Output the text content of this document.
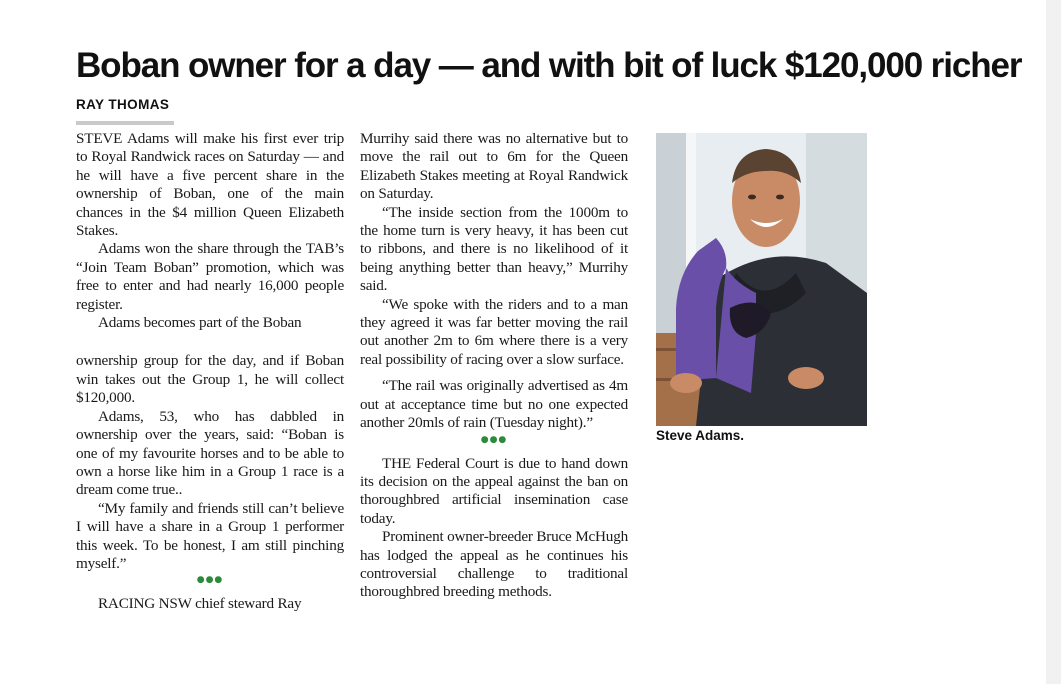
Boban owner for a day — and with bit of luck $120,000 richer
RAY THOMAS

STEVE Adams will make his first ever trip to Royal Randwick races on Saturday — and he will have a five percent share in the ownership of Boban, one of the main chances in the $4 million Queen Elizabeth Stakes.

Adams won the share through the TAB’s “Join Team Boban” promotion, which was free to enter and had nearly 16,000 people register.

Adams becomes part of the Boban

ownership group for the day, and if Boban win takes out the Group 1, he will collect $120,000.

Adams, 53, who has dabbled in ownership over the years, said: “Boban is one of my favourite horses and to be able to own a horse like him in a Group 1 race is a dream come true..

“My family and friends still can’t believe I will have a share in a Group 1 performer this week. To be honest, I am still pinching myself.”

●●●

RACING NSW chief steward Ray

Murrihy said there was no alternative but to move the rail out to 6m for the Queen Elizabeth Stakes meeting at Royal Randwick on Saturday.

“The inside section from the 1000m to the home turn is very heavy, it has been cut to ribbons, and there is no likelihood of it being anything better than heavy,” Murrihy said.

“We spoke with the riders and to a man they agreed it was far better moving the rail out another 2m to 6m where there is a very real possibility of racing over a slow surface.

“The rail was originally advertised as 4m out at acceptance time but no one expected another 20mls of rain (Tuesday night).”

●●●

THE Federal Court is due to hand down its decision on the appeal against the ban on thoroughbred artificial insemination case today.

Prominent owner-breeder Bruce McHugh has lodged the appeal as he continues his controversial challenge to traditional thoroughbred breeding methods.

Steve Adams.
